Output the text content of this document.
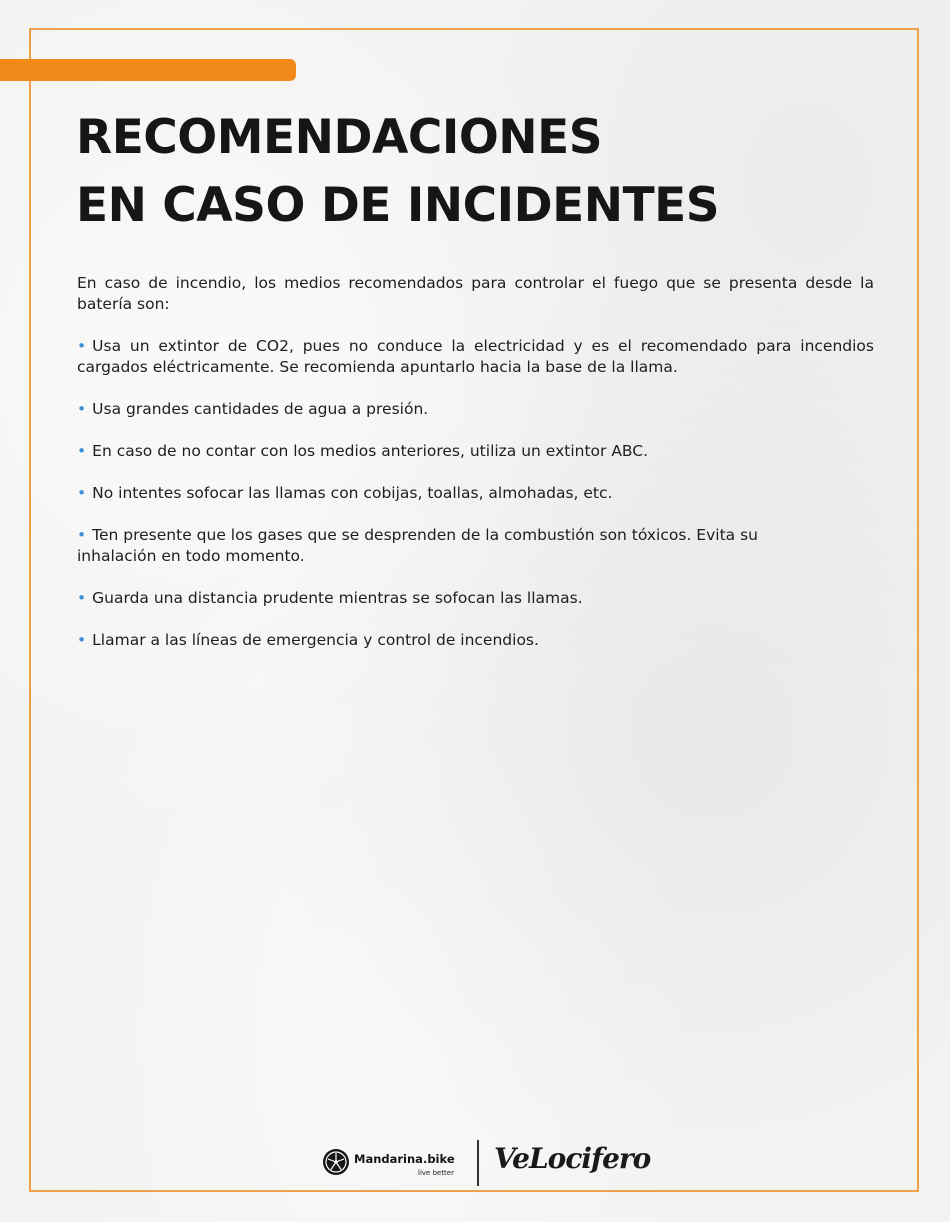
RECOMENDACIONES
EN CASO DE INCIDENTES

En caso de incendio, los medios recomendados para controlar el fuego que se presenta desde la batería son:

• Usa un extintor de CO2, pues no conduce la electricidad y es el recomendado para incendios cargados eléctricamente. Se recomienda apuntarlo hacia la base de la llama.
• Usa grandes cantidades de agua a presión.
• En caso de no contar con los medios anteriores, utiliza un extintor ABC.
• No intentes sofocar las llamas con cobijas, toallas, almohadas, etc.
• Ten presente que los gases que se desprenden de la combustión son tóxicos. Evita su inhalación en todo momento.
• Guarda una distancia prudente mientras se sofocan las llamas.
• Llamar a las líneas de emergencia y control de incendios.
Mandarina.bike
live better VeLocifero
